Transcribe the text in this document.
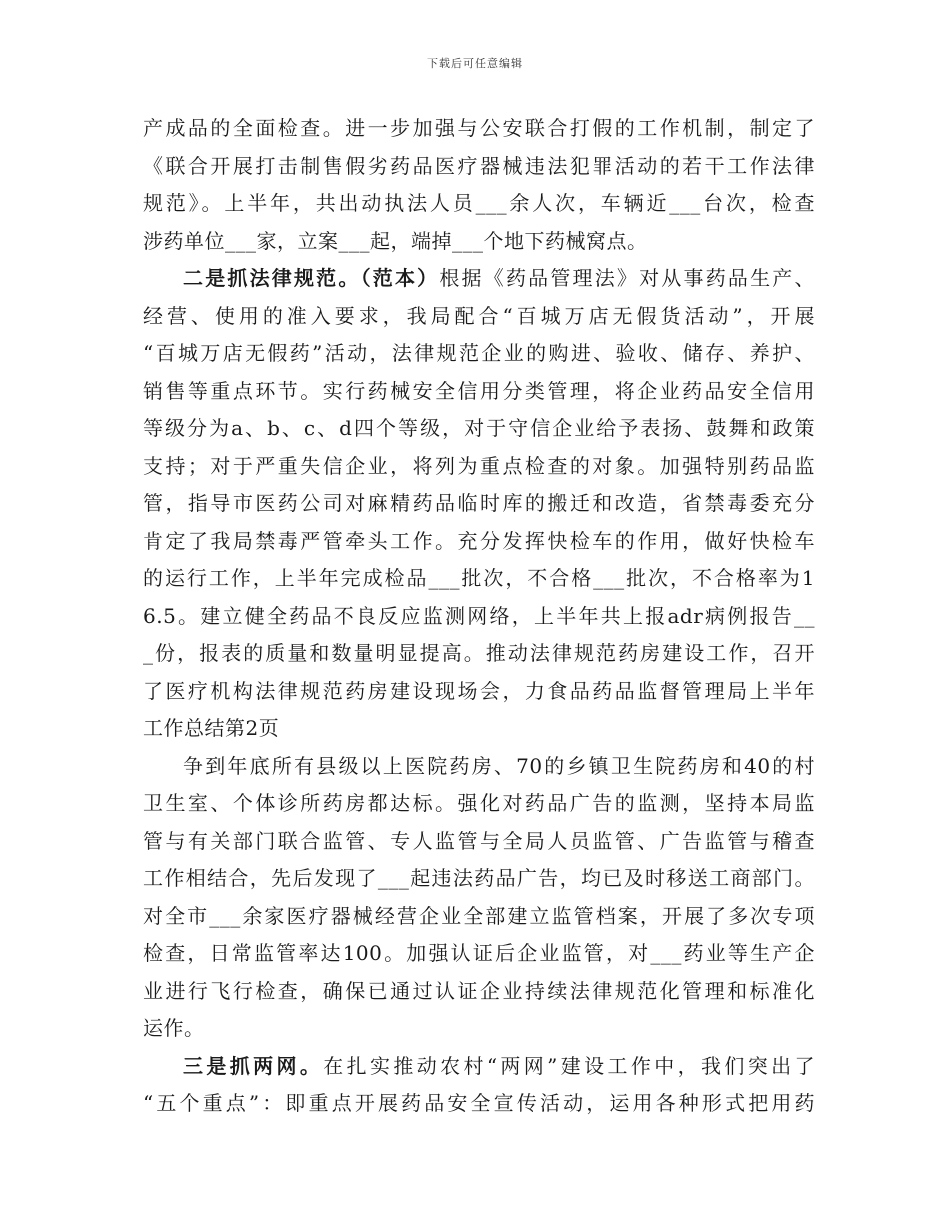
下载后可任意编辑
产成品的全面检查。进一步加强与公安联合打假的工作机制，制定了
《联合开展打击制售假劣药品医疗器械违法犯罪活动的若干工作法律
规范》。上半年，共出动执法人员___余人次，车辆近___台次，检查
涉药单位___家，立案___起，端掉___个地下药械窝点。
二是抓法律规范。（范本）根据《药品管理法》对从事药品生产、
经营、使用的准入要求，我局配合“百城万店无假货活动”，开展
“百城万店无假药”活动，法律规范企业的购进、验收、储存、养护、
销售等重点环节。实行药械安全信用分类管理，将企业药品安全信用
等级分为a、b、c、d四个等级，对于守信企业给予表扬、鼓舞和政策
支持；对于严重失信企业，将列为重点检查的对象。加强特别药品监
管，指导市医药公司对麻精药品临时库的搬迁和改造，省禁毒委充分
肯定了我局禁毒严管牵头工作。充分发挥快检车的作用，做好快检车
的运行工作，上半年完成检品___批次，不合格___批次，不合格率为1
6.5。建立健全药品不良反应监测网络，上半年共上报adr病例报告__
_份，报表的质量和数量明显提高。推动法律规范药房建设工作，召开
了医疗机构法律规范药房建设现场会，力食品药品监督管理局上半年
工作总结第2页
争到年底所有县级以上医院药房、70的乡镇卫生院药房和40的村
卫生室、个体诊所药房都达标。强化对药品广告的监测，坚持本局监
管与有关部门联合监管、专人监管与全局人员监管、广告监管与稽查
工作相结合，先后发现了___起违法药品广告，均已及时移送工商部门。
对全市___余家医疗器械经营企业全部建立监管档案，开展了多次专项
检查，日常监管率达100。加强认证后企业监管，对___药业等生产企
业进行飞行检查，确保已通过认证企业持续法律规范化管理和标准化
运作。
三是抓两网。在扎实推动农村“两网”建设工作中，我们突出了
“五个重点”：即重点开展药品安全宣传活动，运用各种形式把用药
